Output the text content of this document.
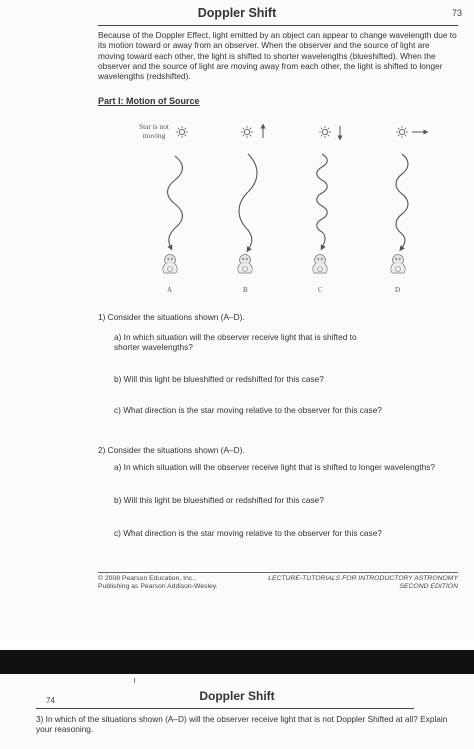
73
Doppler Shift
Because of the Doppler Effect, light emitted by an object can appear to change wavelength due to its motion toward or away from an observer. When the observer and the source of light are moving toward each other, the light is shifted to shorter wavelengths (blueshifted). When the observer and the source of light are moving away from each other, the light is shifted to longer wavelengths (redshifted).
Part I: Motion of Source
Star is not moving
A	B	C	D
1) Consider the situations shown (A–D).
a) In which situation will the observer receive light that is shifted to shorter wavelengths?
b) Will this light be blueshifted or redshifted for this case?
c) What direction is the star moving relative to the observer for this case?
2) Consider the situations shown (A–D).
a) In which situation will the observer receive light that is shifted to longer wavelengths?
b) Will this light be blueshifted or redshifted for this case?
c) What direction is the star moving relative to the observer for this case?
© 2008 Pearson Education, Inc.,
Publishing as Pearson Addison-Wesley.
LECTURE-TUTORIALS FOR INTRODUCTORY ASTRONOMY
SECOND EDITION
74	Doppler Shift
3) In which of the situations shown (A–D) will the observer receive light that is not Doppler Shifted at all? Explain your reasoning.
